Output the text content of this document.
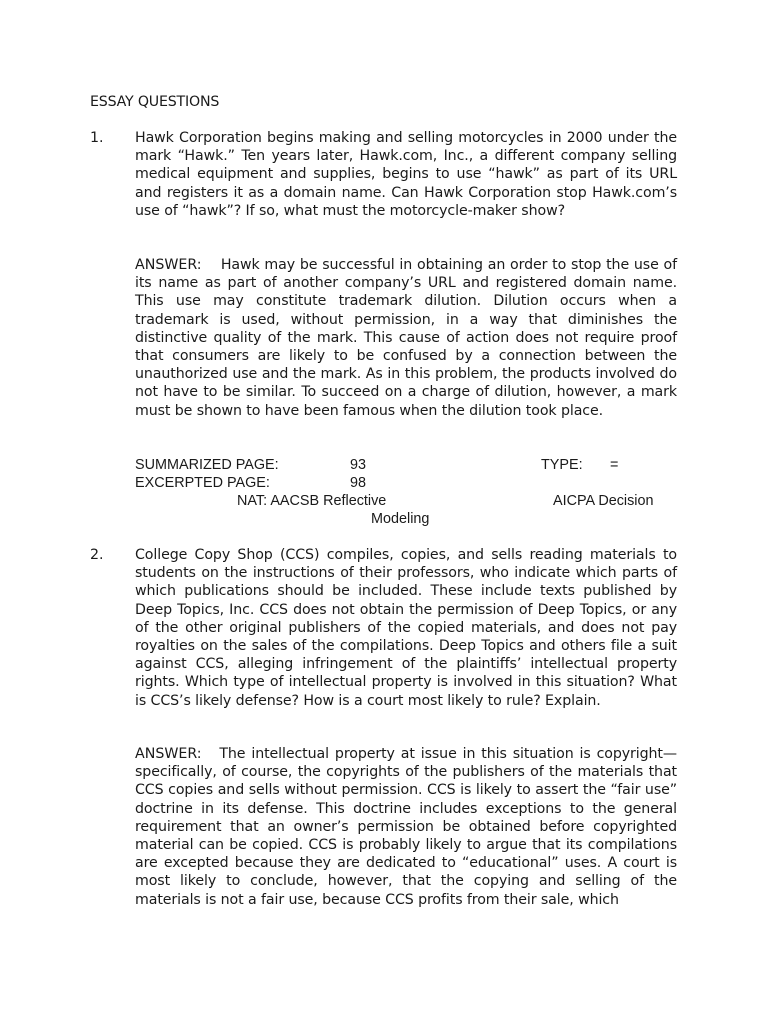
ESSAY QUESTIONS
1. Hawk Corporation begins making and selling motorcycles in 2000 under the mark “Hawk.” Ten years later, Hawk.com, Inc., a different company selling medical equipment and supplies, begins to use “hawk” as part of its URL and registers it as a domain name. Can Hawk Corporation stop Hawk.com’s use of “hawk”? If so, what must the motorcycle-maker show?
ANSWER: Hawk may be successful in obtaining an order to stop the use of its name as part of another company’s URL and registered domain name. This use may constitute trademark dilution. Dilution occurs when a trademark is used, without permission, in a way that diminishes the distinctive quality of the mark. This cause of action does not require proof that consumers are likely to be confused by a connection between the unauthorized use and the mark. As in this problem, the products involved do not have to be similar. To succeed on a charge of dilution, however, a mark must be shown to have been famous when the dilution took place.
SUMMARIZED PAGE:	93	TYPE: =
EXCERPTED PAGE:	98
NAT: AACSB Reflective	AICPA Decision
Modeling
2. College Copy Shop (CCS) compiles, copies, and sells reading materials to students on the instructions of their professors, who indicate which parts of which publications should be included. These include texts published by Deep Topics, Inc. CCS does not obtain the permission of Deep Topics, or any of the other original publishers of the copied materials, and does not pay royalties on the sales of the compilations. Deep Topics and others file a suit against CCS, alleging infringement of the plaintiffs’ intellectual property rights. Which type of intellectual property is involved in this situation? What is CCS’s likely defense? How is a court most likely to rule? Explain.
ANSWER: The intellectual property at issue in this situation is copyright—specifically, of course, the copyrights of the publishers of the materials that CCS copies and sells without permission. CCS is likely to assert the “fair use” doctrine in its defense. This doctrine includes exceptions to the general requirement that an owner’s permission be obtained before copyrighted material can be copied. CCS is probably likely to argue that its compilations are excepted because they are dedicated to “educational” uses. A court is most likely to conclude, however, that the copying and selling of the materials is not a fair use, because CCS profits from their sale, which
